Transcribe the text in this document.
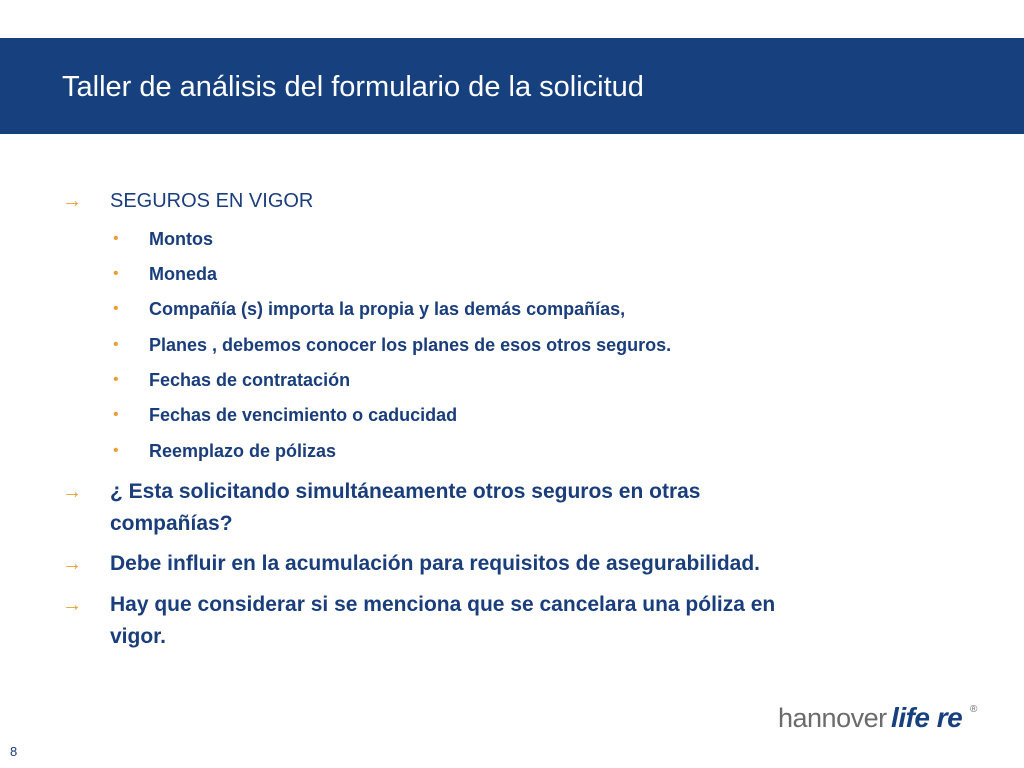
Taller de análisis del formulario de la solicitud
→ SEGUROS EN VIGOR
• Montos
• Moneda
• Compañía (s) importa la propia y las demás compañías,
• Planes , debemos conocer los planes de esos otros seguros.
• Fechas de contratación
• Fechas de vencimiento o caducidad
• Reemplazo de pólizas
→ ¿ Esta solicitando simultáneamente otros seguros en otras
compañías?
→ Debe influir en la acumulación para requisitos de asegurabilidad.
→ Hay que considerar si se menciona que se cancelara una póliza en
vigor.
hannover life re ®
8
